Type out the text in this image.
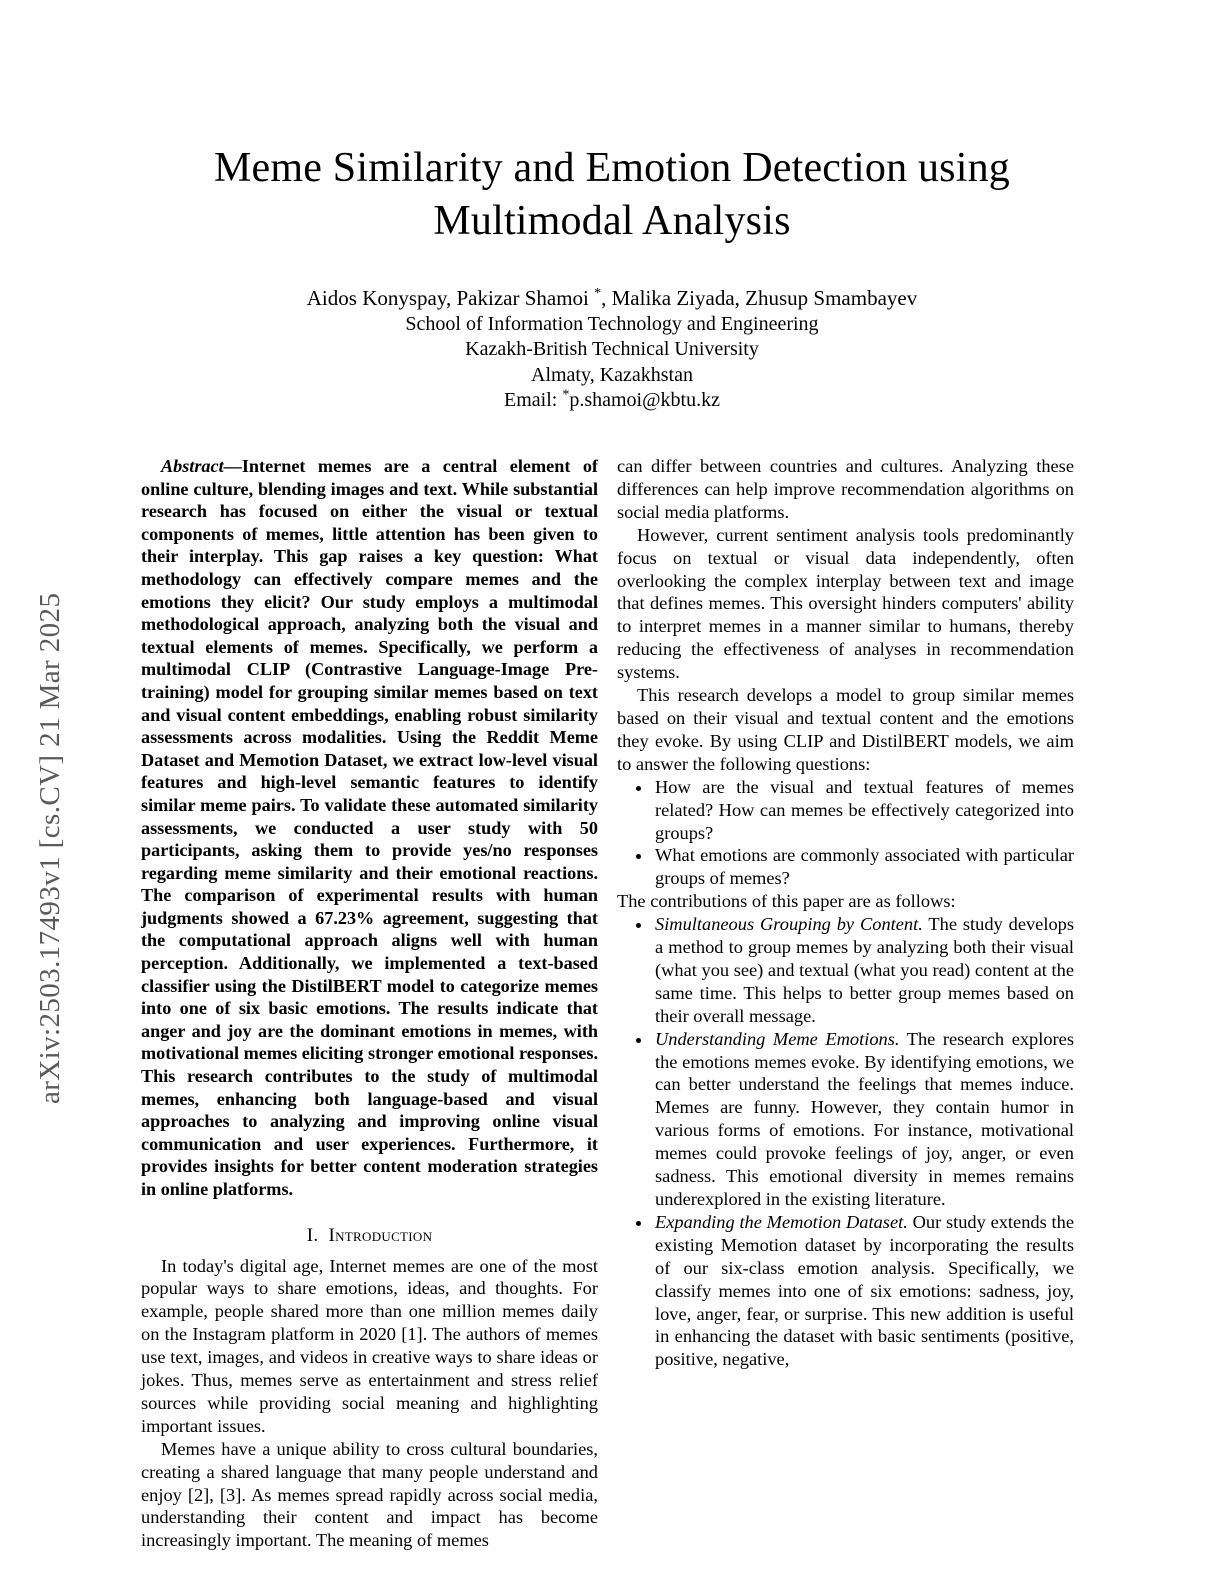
arXiv:2503.17493v1 [cs.CV] 21 Mar 2025
Meme Similarity and Emotion Detection using
Multimodal Analysis
Aidos Konyspay, Pakizar Shamoi *, Malika Ziyada, Zhusup Smambayev
School of Information Technology and Engineering
Kazakh-British Technical University
Almaty, Kazakhstan
Email: *p.shamoi@kbtu.kz

Abstract—Internet memes are a central element of online culture, blending images and text. While substantial research has focused on either the visual or textual components of memes, little attention has been given to their interplay. This gap raises a key question: What methodology can effectively compare memes and the emotions they elicit? Our study employs a multimodal methodological approach, analyzing both the visual and textual elements of memes. Specifically, we perform a multimodal CLIP (Contrastive Language-Image Pre-training) model for grouping similar memes based on text and visual content embeddings, enabling robust similarity assessments across modalities. Using the Reddit Meme Dataset and Memotion Dataset, we extract low-level visual features and high-level semantic features to identify similar meme pairs. To validate these automated similarity assessments, we conducted a user study with 50 participants, asking them to provide yes/no responses regarding meme similarity and their emotional reactions. The comparison of experimental results with human judgments showed a 67.23% agreement, suggesting that the computational approach aligns well with human perception. Additionally, we implemented a text-based classifier using the DistilBERT model to categorize memes into one of six basic emotions. The results indicate that anger and joy are the dominant emotions in memes, with motivational memes eliciting stronger emotional responses. This research contributes to the study of multimodal memes, enhancing both language-based and visual approaches to analyzing and improving online visual communication and user experiences. Furthermore, it provides insights for better content moderation strategies in online platforms.

I. Introduction

In today's digital age, Internet memes are one of the most popular ways to share emotions, ideas, and thoughts. For example, people shared more than one million memes daily on the Instagram platform in 2020 [1]. The authors of memes use text, images, and videos in creative ways to share ideas or jokes. Thus, memes serve as entertainment and stress relief sources while providing social meaning and highlighting important issues.

Memes have a unique ability to cross cultural boundaries, creating a shared language that many people understand and enjoy [2], [3]. As memes spread rapidly across social media, understanding their content and impact has become increasingly important. The meaning of memes

can differ between countries and cultures. Analyzing these differences can help improve recommendation algorithms on social media platforms.

However, current sentiment analysis tools predominantly focus on textual or visual data independently, often overlooking the complex interplay between text and image that defines memes. This oversight hinders computers' ability to interpret memes in a manner similar to humans, thereby reducing the effectiveness of analyses in recommendation systems.

This research develops a model to group similar memes based on their visual and textual content and the emotions they evoke. By using CLIP and DistilBERT models, we aim to answer the following questions:

How are the visual and textual features of memes related? How can memes be effectively categorized into groups?
What emotions are commonly associated with particular groups of memes?

The contributions of this paper are as follows:

Simultaneous Grouping by Content. The study develops a method to group memes by analyzing both their visual (what you see) and textual (what you read) content at the same time. This helps to better group memes based on their overall message.
Understanding Meme Emotions. The research explores the emotions memes evoke. By identifying emotions, we can better understand the feelings that memes induce. Memes are funny. However, they contain humor in various forms of emotions. For instance, motivational memes could provoke feelings of joy, anger, or even sadness. This emotional diversity in memes remains underexplored in the existing literature.
Expanding the Memotion Dataset. Our study extends the existing Memotion dataset by incorporating the results of our six-class emotion analysis. Specifically, we classify memes into one of six emotions: sadness, joy, love, anger, fear, or surprise. This new addition is useful in enhancing the dataset with basic sentiments (positive, positive, negative,
